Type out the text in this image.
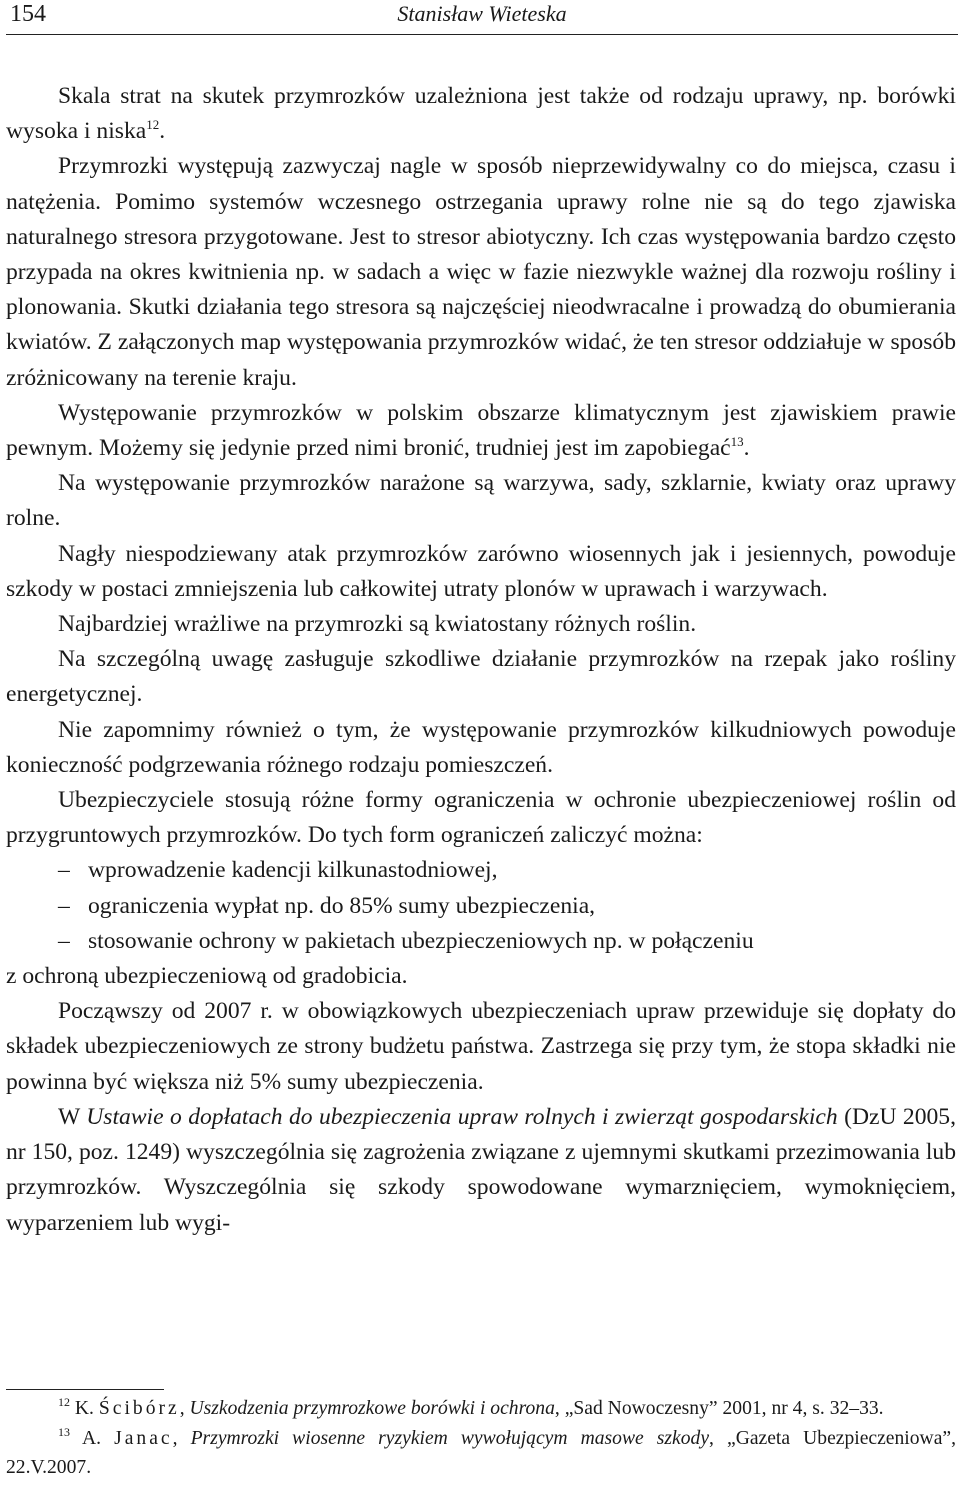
154	Stanisław Wieteska

Skala strat na skutek przymrozków uzależniona jest także od rodzaju uprawy, np. borówki wysoka i niska$^{12}$.

Przymrozki występują zazwyczaj nagle w sposób nieprzewidywalny co do miejsca, czasu i natężenia. Pomimo systemów wczesnego ostrzegania uprawy rolne nie są do tego zjawiska naturalnego stresora przygotowane. Jest to stresor abiotyczny. Ich czas występowania bardzo często przypada na okres kwitnienia np. w sadach a więc w fazie niezwykle ważnej dla rozwoju rośliny i plonowania. Skutki działania tego stresora są najczęściej nieodwracalne i prowadzą do obumierania kwiatów. Z załączonych map występowania przymrozków widać, że ten stresor oddziałuje w sposób zróżnicowany na terenie kraju.

Występowanie przymrozków w polskim obszarze klimatycznym jest zjawiskiem prawie pewnym. Możemy się jedynie przed nimi bronić, trudniej jest im zapobiegać$^{13}$.

Na występowanie przymrozków narażone są warzywa, sady, szklarnie, kwiaty oraz uprawy rolne.

Nagły niespodziewany atak przymrozków zarówno wiosennych jak i jesiennych, powoduje szkody w postaci zmniejszenia lub całkowitej utraty plonów w uprawach i warzywach.

Najbardziej wrażliwe na przymrozki są kwiatostany różnych roślin.

Na szczególną uwagę zasługuje szkodliwe działanie przymrozków na rzepak jako rośliny energetycznej.

Nie zapomnimy również o tym, że występowanie przymrozków kilkudniowych powoduje konieczność podgrzewania różnego rodzaju pomieszczeń.

Ubezpieczyciele stosują różne formy ograniczenia w ochronie ubezpieczeniowej roślin od przygruntowych przymrozków. Do tych form ograniczeń zaliczyć można:

– wprowadzenie kadencji kilkunastodniowej,
– ograniczenia wypłat np. do 85% sumy ubezpieczenia,
– stosowanie ochrony w pakietach ubezpieczeniowych np. w połączeniu

z ochroną ubezpieczeniową od gradobicia.

Począwszy od 2007 r. w obowiązkowych ubezpieczeniach upraw przewiduje się dopłaty do składek ubezpieczeniowych ze strony budżetu państwa. Zastrzega się przy tym, że stopa składki nie powinna być większa niż 5% sumy ubezpieczenia.

W Ustawie o dopłatach do ubezpieczenia upraw rolnych i zwierząt gospodarskich (DzU 2005, nr 150, poz. 1249) wyszczególnia się zagrożenia związane z ujemnymi skutkami przezimowania lub przymrozków. Wyszczególnia się szkody spowodowane wymarznięciem, wymoknięciem, wyparzeniem lub wygi-

$^{12}$ K. Ścibórz, Uszkodzenia przymrozkowe borówki i ochrona, „Sad Nowoczesny” 2001, nr 4, s. 32–33.

$^{13}$ A. Janac, Przymrozki wiosenne ryzykiem wywołującym masowe szkody, „Gazeta Ubezpieczeniowa”, 22.V.2007.
